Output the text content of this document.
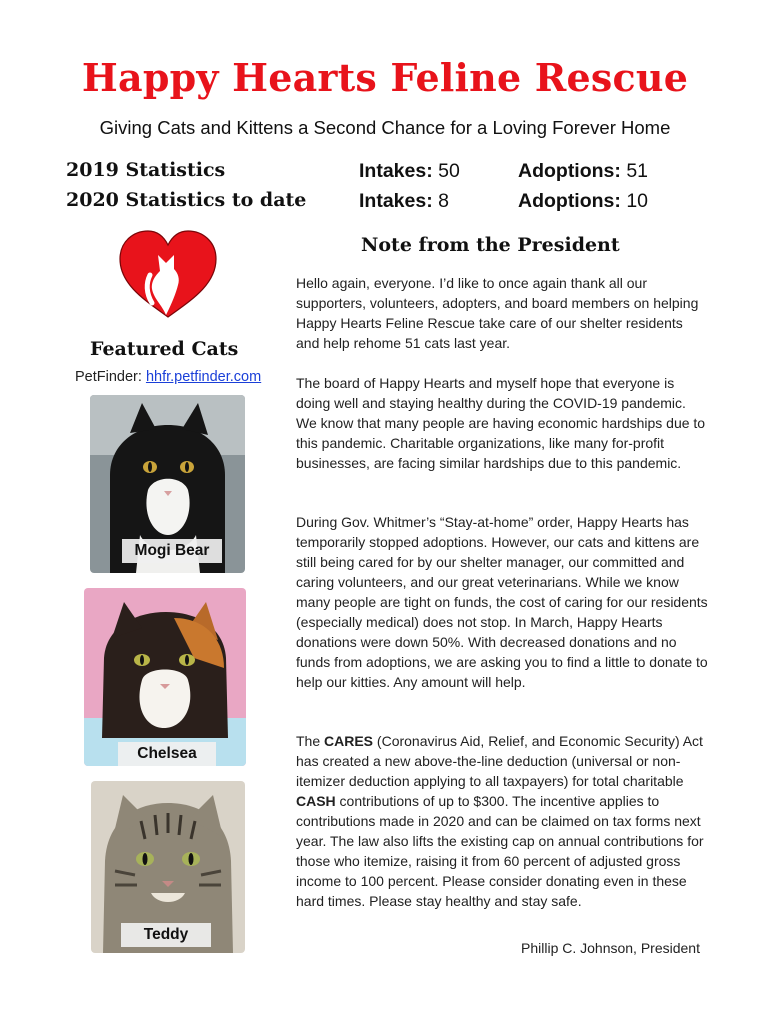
Happy Hearts Feline Rescue
Giving Cats and Kittens a Second Chance for a Loving Forever Home
2019 Statistics	Intakes: 50	Adoptions: 51
2020 Statistics to date	Intakes: 8	Adoptions: 10
Featured Cats
PetFinder: hhfr.petfinder.com
Mogi Bear
Chelsea
Teddy
Note from the President

Hello again, everyone. I’d like to once again thank all our supporters, volunteers, adopters, and board members on helping Happy Hearts Feline Rescue take care of our shelter residents and help rehome 51 cats last year.

The board of Happy Hearts and myself hope that everyone is doing well and staying healthy during the COVID-19 pandemic. We know that many people are having economic hardships due to this pandemic. Charitable organizations, like many for-profit businesses, are facing similar hardships due to this pandemic.

During Gov. Whitmer’s “Stay-at-home” order, Happy Hearts has temporarily stopped adoptions. However, our cats and kittens are still being cared for by our shelter manager, our committed and caring volunteers, and our great veterinarians. While we know many people are tight on funds, the cost of caring for our residents (especially medical) does not stop. In March, Happy Hearts donations were down 50%. With decreased donations and no funds from adoptions, we are asking you to find a little to donate to help our kitties. Any amount will help.

The CARES (Coronavirus Aid, Relief, and Economic Security) Act has created a new above-the-line deduction (universal or non-itemizer deduction applying to all taxpayers) for total charitable CASH contributions of up to $300. The incentive applies to contributions made in 2020 and can be claimed on tax forms next year. The law also lifts the existing cap on annual contributions for those who itemize, raising it from 60 percent of adjusted gross income to 100 percent. Please consider donating even in these hard times. Please stay healthy and stay safe.

Phillip C. Johnson, President
